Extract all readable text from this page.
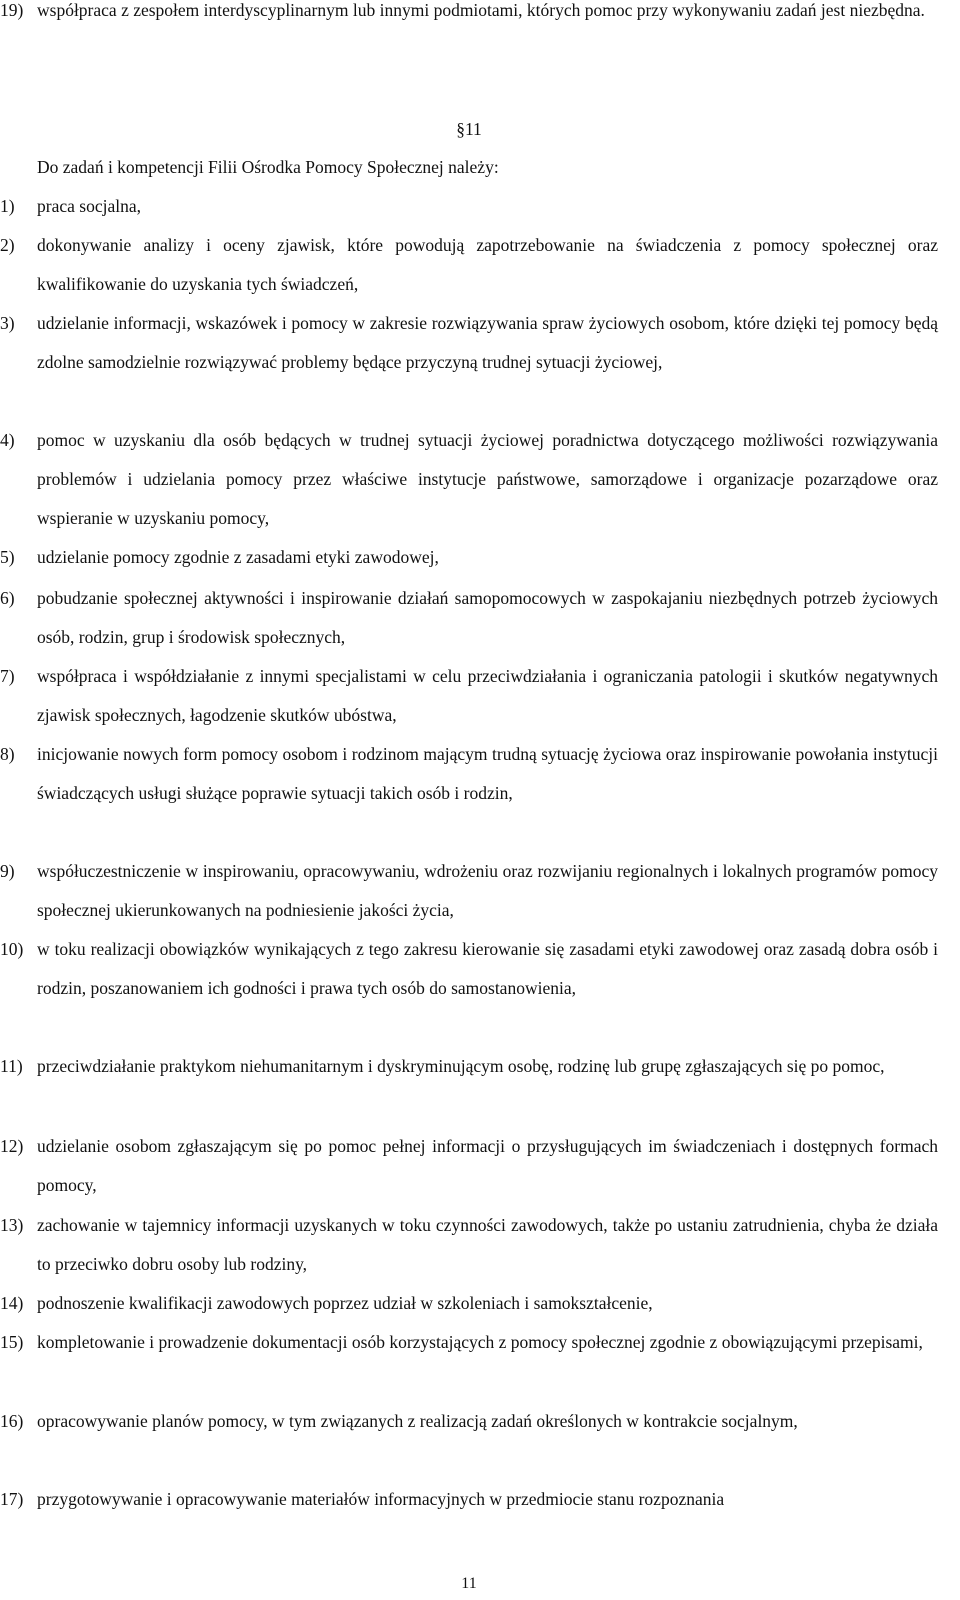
19) współpraca z zespołem interdyscyplinarnym lub innymi podmiotami, których pomoc przy wykonywaniu zadań jest niezbędna.
§11
Do zadań i kompetencji Filii Ośrodka Pomocy Społecznej należy:
1) praca socjalna,
2) dokonywanie analizy i oceny zjawisk, które powodują zapotrzebowanie na świadczenia z pomocy społecznej oraz kwalifikowanie do uzyskania tych świadczeń,
3) udzielanie informacji, wskazówek i pomocy w zakresie rozwiązywania spraw życiowych osobom, które dzięki tej pomocy będą zdolne samodzielnie rozwiązywać problemy będące przyczyną trudnej sytuacji życiowej,
4) pomoc w uzyskaniu dla osób będących w trudnej sytuacji życiowej poradnictwa dotyczącego możliwości rozwiązywania problemów i udzielania pomocy przez właściwe instytucje państwowe, samorządowe i organizacje pozarządowe oraz wspieranie w uzyskaniu pomocy,
5) udzielanie pomocy zgodnie z zasadami etyki zawodowej,
6) pobudzanie społecznej aktywności i inspirowanie działań samopomocowych w zaspokajaniu niezbędnych potrzeb życiowych osób, rodzin, grup i środowisk społecznych,
7) współpraca i współdziałanie z innymi specjalistami w celu przeciwdziałania i ograniczania patologii i skutków negatywnych zjawisk społecznych, łagodzenie skutków ubóstwa,
8) inicjowanie nowych form pomocy osobom i rodzinom mającym trudną sytuację życiowa oraz inspirowanie powołania instytucji świadczących usługi służące poprawie sytuacji takich osób i rodzin,
9) współuczestniczenie w inspirowaniu, opracowywaniu, wdrożeniu oraz rozwijaniu regionalnych i lokalnych programów pomocy społecznej ukierunkowanych na podniesienie jakości życia,
10) w toku realizacji obowiązków wynikających z tego zakresu kierowanie się zasadami etyki zawodowej oraz zasadą dobra osób i rodzin, poszanowaniem ich godności i prawa tych osób do samostanowienia,
11) przeciwdziałanie praktykom niehumanitarnym i dyskryminującym osobę, rodzinę lub grupę zgłaszających się po pomoc,
12) udzielanie osobom zgłaszającym się po pomoc pełnej informacji o przysługujących im świadczeniach i dostępnych formach pomocy,
13) zachowanie w tajemnicy informacji uzyskanych w toku czynności zawodowych, także po ustaniu zatrudnienia, chyba że działa to przeciwko dobru osoby lub rodziny,
14) podnoszenie kwalifikacji zawodowych poprzez udział w szkoleniach i samokształcenie,
15) kompletowanie i prowadzenie dokumentacji osób korzystających z pomocy społecznej zgodnie z obowiązującymi przepisami,
16) opracowywanie planów pomocy, w tym związanych z realizacją zadań określonych w kontrakcie socjalnym,
17) przygotowywanie i opracowywanie materiałów informacyjnych w przedmiocie stanu rozpoznania
11
